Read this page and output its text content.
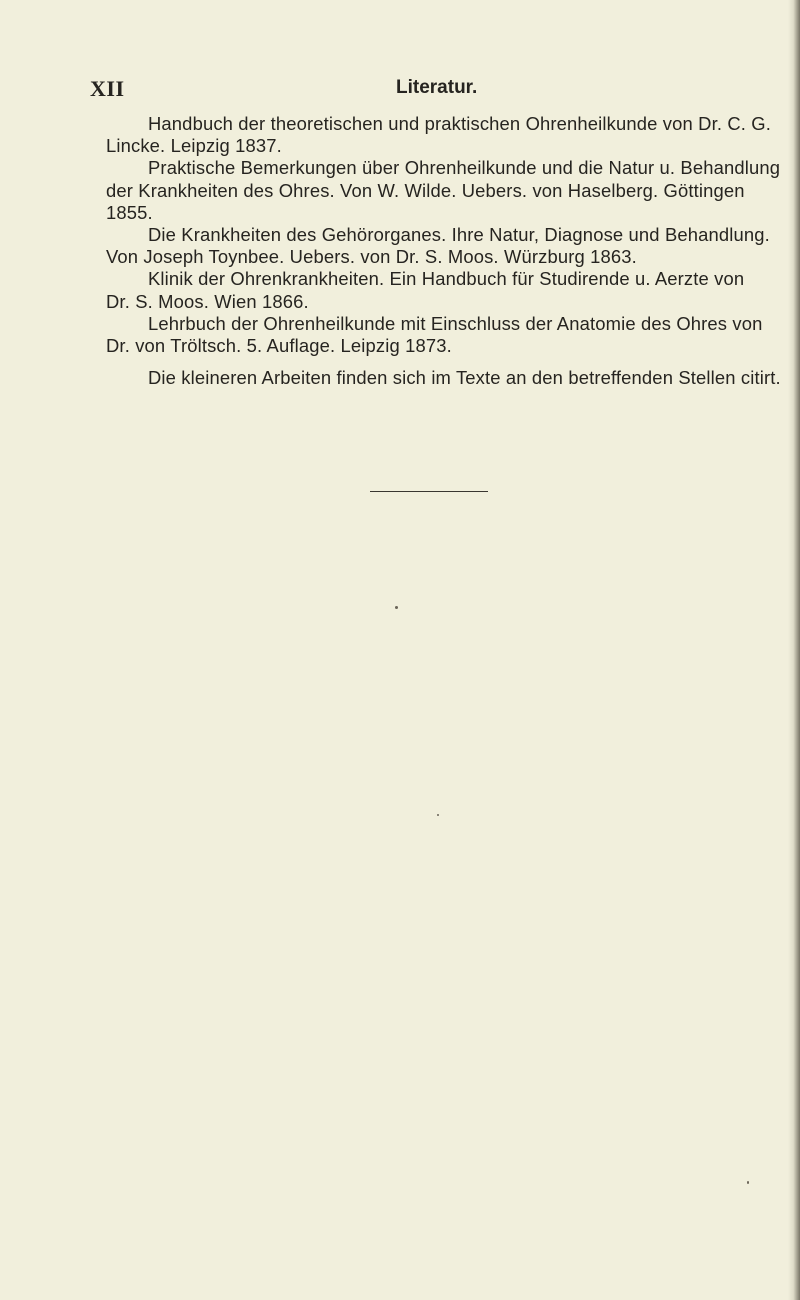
XII	Literatur.
Handbuch der theoretischen und praktischen Ohrenheilkunde von Dr. C. G.
Lincke. Leipzig 1837.
Praktische Bemerkungen über Ohrenheilkunde und die Natur u. Behandlung
der Krankheiten des Ohres. Von W. Wilde. Uebers. von Haselberg. Göttingen 1855.
Die Krankheiten des Gehörorganes. Ihre Natur, Diagnose und Behandlung.
Von Joseph Toynbee. Uebers. von Dr. S. Moos. Würzburg 1863.
Klinik der Ohrenkrankheiten. Ein Handbuch für Studirende u. Aerzte von
Dr. S. Moos. Wien 1866.
Lehrbuch der Ohrenheilkunde mit Einschluss der Anatomie des Ohres von
Dr. von Tröltsch. 5. Auflage. Leipzig 1873.
Die kleineren Arbeiten finden sich im Texte an den betreffenden Stellen citirt.
